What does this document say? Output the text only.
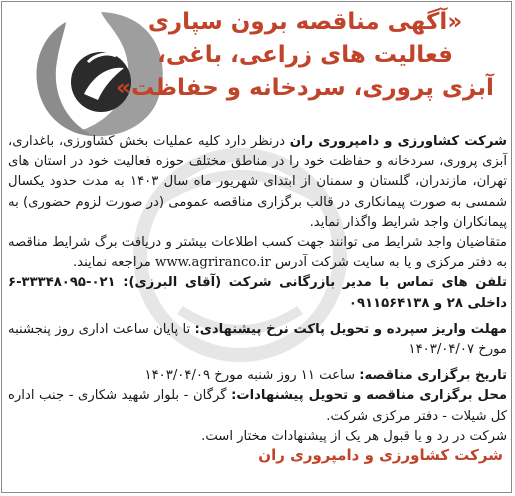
«آگهی مناقصه برون سپاری
فعالیت های زراعی، باغی،
آبزی پروری، سردخانه و حفاظت»

شرکت کشاورزی و دامپروری ران درنظر دارد کلیه عملیات بخش کشاورزی، باغداری، آبزی پروری، سردخانه و حفاظت خود را در مناطق مختلف حوزه فعالیت خود در استان های تهران، مازندران، گلستان و سمنان از ابتدای شهریور ماه سال ۱۴۰۳ به مدت حدود یکسال شمسی به صورت پیمانکاری در قالب برگزاری مناقصه عمومی (در صورت لزوم حضوری) به پیمانکاران واجد شرایط واگذار نماید.

متقاضیان واجد شرایط می توانند جهت کسب اطلاعات بیشتر و دریافت برگ شرایط مناقصه به دفتر مرکزی و یا به سایت شرکت آدرس www.agriranco.ir مراجعه نمایند.

تلفن های تماس با مدیر بازرگانی شرکت (آقای البرزی): ۰۲۱-۳۳۳۴۸۰۹۵-۶ داخلی ۲۸ و ۰۹۱۱۵۶۴۱۳۸

مهلت واریز سپرده و تحویل پاکت نرخ پیشنهادی: تا پایان ساعت اداری روز پنجشنبه مورخ ۱۴۰۳/۰۴/۰۷

تاریخ برگزاری مناقصه: ساعت ۱۱ روز شنبه مورخ ۱۴۰۳/۰۴/۰۹

محل برگزاری مناقصه و تحویل پیشنهادات: گرگان - بلوار شهید شکاری - جنب اداره کل شیلات - دفتر مرکزی شرکت.

شرکت در رد و یا قبول هر یک از پیشنهادات مختار است.

شرکت کشاورزی و دامپروری ران
